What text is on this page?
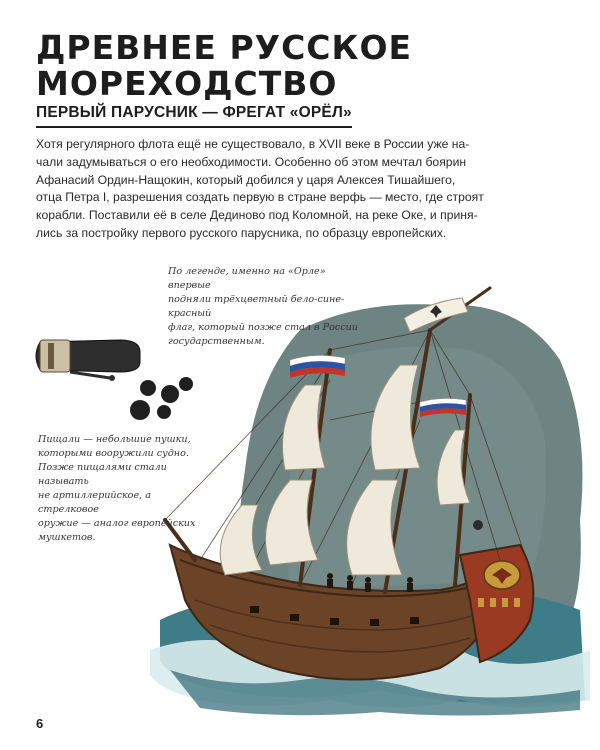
ДРЕВНЕЕ РУССКОЕ
МОРЕХОДСТВО
ПЕРВЫЙ ПАРУСНИК — ФРЕГАТ «ОРЁЛ»
Хотя регулярного флота ещё не существовало, в XVII веке в России уже на-
чали задумываться о его необходимости. Особенно об этом мечтал боярин
Афанасий Ордин-Нащокин, который добился у царя Алексея Тишайшего,
отца Петра I, разрешения создать первую в стране верфь — место, где строят
корабли. Поставили её в селе Дединово под Коломной, на реке Оке, и приня-
лись за постройку первого русского парусника, по образцу европейских.
По легенде, именно на «Орле» впервые
подняли трёхцветный бело-сине-красный
флаг, который позже стал в России
государственным.
Пищали — небольшие пушки,
которыми вооружили судно.
Позже пищалями стали называть
не артиллерийское, а стрелковое
оружие — аналог европейских
мушкетов.
6
